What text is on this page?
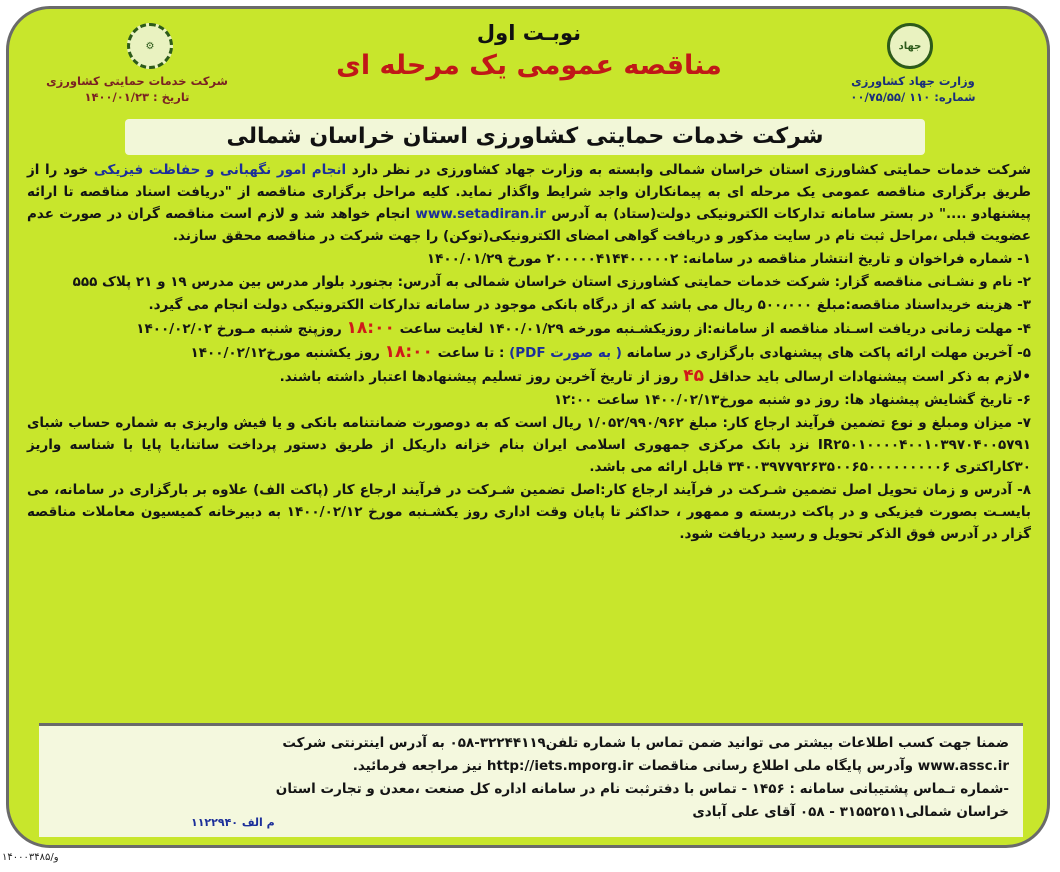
جهاد
وزارت جهاد کشاورزی
شماره: ۱۱۰ /۰۰/۷۵/۵۵
نوبـت اول
مناقصه عمومی یک مرحله ای
⚙
شرکت خدمات حمایتی کشاورزی
تاریخ : ۱۴۰۰/۰۱/۲۳
شرکت خدمات حمایتی کشاورزی استان خراسان شمالی

شرکت خدمات حمایتی کشاورزی استان خراسان شمالی وابسته به وزارت جهاد کشاورزی در نظر دارد انجام امور نگهبانی و حفاظت فیزیکی خود را از طریق برگزاری مناقصه عمومی یک مرحله ای به پیمانکاران واجد شرایط واگذار نماید. کلیه مراحل برگزاری مناقصه از "دریافت اسناد مناقصه تا ارائه پیشنهادو ...." در بستر سامانه تدارکات الکترونیکی دولت(ستاد) به آدرس www.setadiran.ir انجام خواهد شد و لازم است مناقصه گران در صورت عدم عضویت قبلی ،مراحل ثبت نام در سایت مذکور و دریافت گواهی امضای الکترونیکی(توکن) را جهت شرکت در مناقصه محقق سازند.

۱- شماره فراخوان و تاریخ انتشار مناقصه در سامانه: ۲۰۰۰۰۰۴۱۴۴۰۰۰۰۰۲ مورخ ۱۴۰۰/۰۱/۲۹

۲- نام و نشـانی مناقصه گزار: شرکت خدمات حمایتی کشاورزی استان خراسان شمالی به آدرس: بجنورد بلوار مدرس بین مدرس ۱۹ و ۲۱ پلاک ۵۵۵

۳- هزینه خریداسناد مناقصه:مبلغ ۵۰۰،۰۰۰ ریال می باشد که از درگاه بانکی موجود در سامانه تدارکات الکترونیکی دولت انجام می گیرد.

۴- مهلت زمانی دریافت اسـناد مناقصه از سامانه:از روزیکشـنبه مورخه ۱۴۰۰/۰۱/۲۹ لغایت ساعت ۱۸:۰۰ روزپنج شنبه مـورخ ۱۴۰۰/۰۲/۰۲

۵- آخرین مهلت ارائه پاکت های پیشنهادی بارگزاری در سامانه ( به صورت PDF) : تا ساعت ۱۸:۰۰ روز یکشنبه مورخ۱۴۰۰/۰۲/۱۲

•لازم به ذکر است پیشنهادات ارسالی باید حداقل ۴۵ روز از تاریخ آخرین روز تسلیم پیشنهادها اعتبار داشته باشند.

۶- تاریخ گشایش پیشنهاد ها: روز دو شنبه مورخ۱۴۰۰/۰۲/۱۳ ساعت ۱۲:۰۰

۷- میزان ومبلغ و نوع تضمین فرآیند ارجاع کار: مبلغ ۱/۰۵۲/۹۹۰/۹۶۲ ریال است که به دوصورت ضمانتنامه بانکی و یا فیش واریزی به شماره حساب شبای IR۲۵۰۱۰۰۰۰۴۰۰۱۰۳۹۷۰۴۰۰۵۷۹۱ نزد بانک مرکزی جمهوری اسلامی ایران بنام خزانه داریکل از طریق دستور پرداخت ساتنا،یا پایا با شناسه واریز ۳۰کاراکتری ۳۴۰۰۳۹۷۷۹۲۶۳۵۰۰۶۵۰۰۰۰۰۰۰۰۰۶ قابل ارائه می باشد.

۸- آدرس و زمان تحویل اصل تضمین شـرکت در فرآیند ارجاع کار:اصل تضمین شـرکت در فرآیند ارجاع کار (پاکت الف) علاوه بر بارگزاری در سامانه، می بایسـت بصورت فیزیکی و در پاکت دربسته و ممهور ، حداکثر تا پایان وقت اداری روز یکشـنبه مورخ ۱۴۰۰/۰۲/۱۲ به دبیرخانه کمیسیون معاملات مناقصه گزار در آدرس فوق الذکر تحویل و رسید دریافت شود.

ضمنا جهت کسب اطلاعات بیشتر می توانید ضمن تماس با شماره تلفن۳۲۲۴۴۱۱۹-۰۵۸ به آدرس اینترنتی شرکت

www.assc.ir وآدرس پایگاه ملی اطلاع رسانی مناقصات http://iets.mporg.ir نیز مراجعه فرمائید.

-شماره تـماس پشتیبانی سامانه : ۱۴۵۶ - تماس با دفترثبت نام در سامانه اداره کل صنعت ،معدن و تجارت استان

خراسان شمالی۳۱۵۵۲۵۱۱ - ۰۵۸ آقای علی آبادی

م الف ۱۱۲۲۹۴۰
۱۴۰۰۰۳۴۸۵/و
